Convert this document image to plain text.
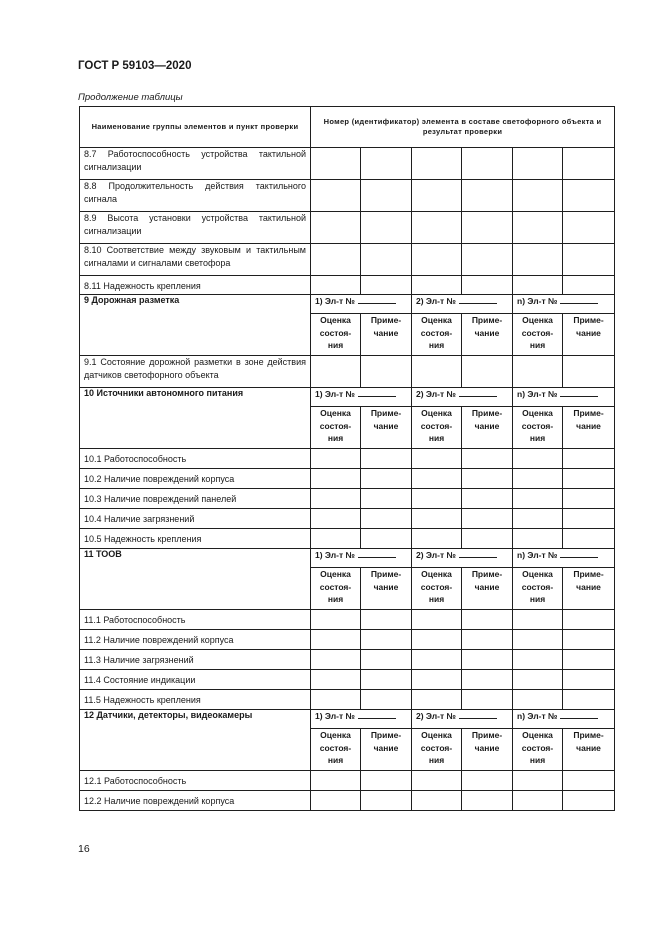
ГОСТ Р 59103—2020

Продолжение таблицы

Наименование группы элементов и пункт проверки	Номер (идентификатор) элемента в составе светофорного объекта и результат проверки					
8.7 Работоспособность устройства тактильной сигнализации						
8.8 Продолжительность действия тактильного сигнала						
8.9 Высота установки устройства тактильной сигнализации						
8.10 Соответствие между звуковым и тактильным сигналами и сигналами светофора						
8.11 Надежность крепления						
9 Дорожная разметка	1) Эл-т №		2) Эл-т №		n) Эл-т №	
	Оценка состоя-ния	Приме-чание	Оценка состоя-ния	Приме-чание	Оценка состоя-ния	Приме-чание
9.1 Состояние дорожной разметки в зоне действия датчиков светофорного объекта						
10 Источники автономного питания	1) Эл-т №		2) Эл-т №		n) Эл-т №	
	Оценка состоя-ния	Приме-чание	Оценка состоя-ния	Приме-чание	Оценка состоя-ния	Приме-чание
10.1 Работоспособность						
10.2 Наличие повреждений корпуса						
10.3 Наличие повреждений панелей						
10.4 Наличие загрязнений						
10.5 Надежность крепления						
11 ТООВ	1) Эл-т №		2) Эл-т №		n) Эл-т №	
	Оценка состоя-ния	Приме-чание	Оценка состоя-ния	Приме-чание	Оценка состоя-ния	Приме-чание
11.1 Работоспособность						
11.2 Наличие повреждений корпуса						
11.3 Наличие загрязнений						
11.4 Состояние индикации						
11.5 Надежность крепления						
12 Датчики, детекторы, видеокамеры	1) Эл-т №		2) Эл-т №		n) Эл-т №	
	Оценка состоя-ния	Приме-чание	Оценка состоя-ния	Приме-чание	Оценка состоя-ния	Приме-чание
12.1 Работоспособность						
12.2 Наличие повреждений корпуса						

16
